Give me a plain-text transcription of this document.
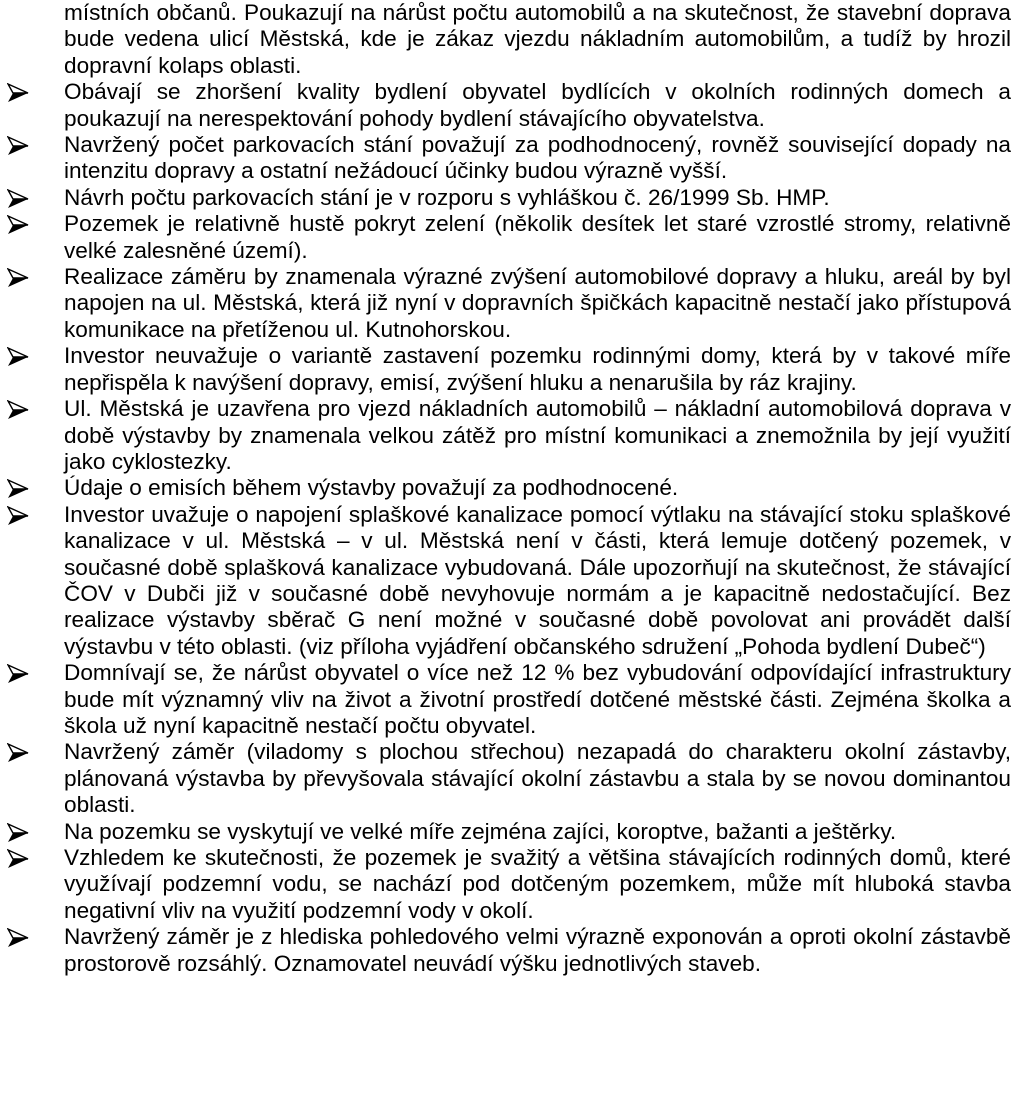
místních občanů. Poukazují na nárůst počtu automobilů a na skutečnost, že stavební doprava bude vedena ulicí Městská, kde je zákaz vjezdu nákladním automobilům, a tudíž by hrozil dopravní kolaps oblasti.

Obávají se zhoršení kvality bydlení obyvatel bydlících v okolních rodinných domech a poukazují na nerespektování pohody bydlení stávajícího obyvatelstva.
Navržený počet parkovacích stání považují za podhodnocený, rovněž související dopady na intenzitu dopravy a ostatní nežádoucí účinky budou výrazně vyšší.
Návrh počtu parkovacích stání je v rozporu s vyhláškou č. 26/1999 Sb. HMP.
Pozemek je relativně hustě pokryt zelení (několik desítek let staré vzrostlé stromy, relativně velké zalesněné území).
Realizace záměru by znamenala výrazné zvýšení automobilové dopravy a hluku, areál by byl napojen na ul. Městská, která již nyní v dopravních špičkách kapacitně nestačí jako přístupová komunikace na přetíženou ul. Kutnohorskou.
Investor neuvažuje o variantě zastavení pozemku rodinnými domy, která by v takové míře nepřispěla k navýšení dopravy, emisí, zvýšení hluku a nenarušila by ráz krajiny.
Ul. Městská je uzavřena pro vjezd nákladních automobilů – nákladní automobilová doprava v době výstavby by znamenala velkou zátěž pro místní komunikaci a znemožnila by její využití jako cyklostezky.
Údaje o emisích během výstavby považují za podhodnocené.
Investor uvažuje o napojení splaškové kanalizace pomocí výtlaku na stávající stoku splaškové kanalizace v ul. Městská – v ul. Městská není v části, která lemuje dotčený pozemek, v současné době splašková kanalizace vybudovaná. Dále upozorňují na skutečnost, že stávající ČOV v Dubči již v současné době nevyhovuje normám a je kapacitně nedostačující. Bez realizace výstavby sběrač G není možné v současné době povolovat ani provádět další výstavbu v této oblasti. (viz příloha vyjádření občanského sdružení „Pohoda bydlení Dubeč“)
Domnívají se, že nárůst obyvatel o více než 12 % bez vybudování odpovídající infrastruktury bude mít významný vliv na život a životní prostředí dotčené městské části. Zejména školka a škola už nyní kapacitně nestačí počtu obyvatel.
Navržený záměr (viladomy s plochou střechou) nezapadá do charakteru okolní zástavby, plánovaná výstavba by převyšovala stávající okolní zástavbu a stala by se novou dominantou oblasti.
Na pozemku se vyskytují ve velké míře zejména zajíci, koroptve, bažanti a ještěrky.
Vzhledem ke skutečnosti, že pozemek je svažitý a většina stávajících rodinných domů, které využívají podzemní vodu, se nachází pod dotčeným pozemkem, může mít hluboká stavba negativní vliv na využití podzemní vody v okolí.
Navržený záměr je z hlediska pohledového velmi výrazně exponován a oproti okolní zástavbě prostorově rozsáhlý. Oznamovatel neuvádí výšku jednotlivých staveb.
